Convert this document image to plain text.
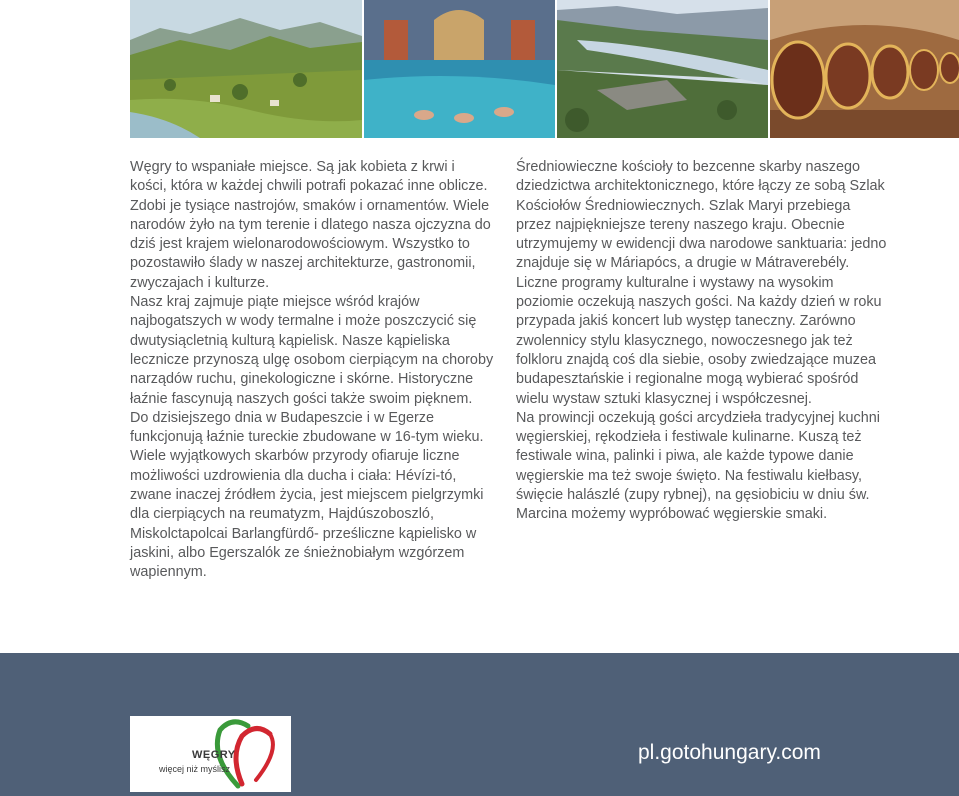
Węgry to wspaniałe miejsce. Są jak kobieta z krwi i kości, która w każdej chwili potrafi pokazać inne oblicze.

Zdobi je tysiące nastrojów, smaków i ornamentów. Wiele narodów żyło na tym terenie i dlatego nasza ojczyzna do dziś jest krajem wielonarodowościowym. Wszystko to pozostawiło ślady w naszej architekturze, gastronomii, zwyczajach i kulturze.

Nasz kraj zajmuje piąte miejsce wśród krajów najbogatszych w wody termalne i może poszczycić się dwutysiącletnią kulturą kąpielisk. Nasze kąpieliska lecznicze przynoszą ulgę osobom cierpiącym na choroby narządów ruchu, ginekologiczne i skórne. Historyczne łaźnie fascynują naszych gości także swoim pięknem. Do dzisiejszego dnia w Budapeszcie i w Egerze funkcjonują łaźnie tureckie zbudowane w 16-tym wieku. Wiele wyjątkowych skarbów przyrody ofiaruje liczne możliwości uzdrowienia dla ducha i ciała: Hévízi-tó, zwane inaczej źródłem życia, jest miejscem pielgrzymki dla cierpiących na reumatyzm, Hajdúszoboszló, Miskolctapolcai Barlangfürdő- prześliczne kąpielisko w jaskini, albo Egerszalók ze śnieżnobiałym wzgórzem wapiennym.

Średniowieczne kościoły to bezcenne skarby naszego dziedzictwa architektonicznego, które łączy ze sobą Szlak Kościołów Średniowiecznych. Szlak Maryi przebiega przez najpiękniejsze tereny naszego kraju. Obecnie utrzymujemy w ewidencji dwa narodowe sanktuaria: jedno znajduje się w Máriapócs, a drugie w Mátraverebély.

Liczne programy kulturalne i wystawy na wysokim poziomie oczekują naszych gości. Na każdy dzień w roku przypada jakiś koncert lub występ taneczny. Zarówno zwolennicy stylu klasycznego, nowoczesnego jak też folkloru znajdą coś dla siebie, osoby zwiedzające muzea budapesztańskie i regionalne mogą wybierać spośród wielu wystaw sztuki klasycznej i współczesnej.

Na prowincji oczekują gości arcydzieła tradycyjnej kuchni węgierskiej, rękodzieła i festiwale kulinarne. Kuszą też festiwale wina, palinki i piwa, ale każde typowe danie węgierskie ma też swoje święto. Na festiwalu kiełbasy, święcie halászlé (zupy rybnej), na gęsiobiciu w dniu św. Marcina możemy wypróbować węgierskie smaki.

WĘGRY
więcej niż myślisz
pl.gotohungary.com
